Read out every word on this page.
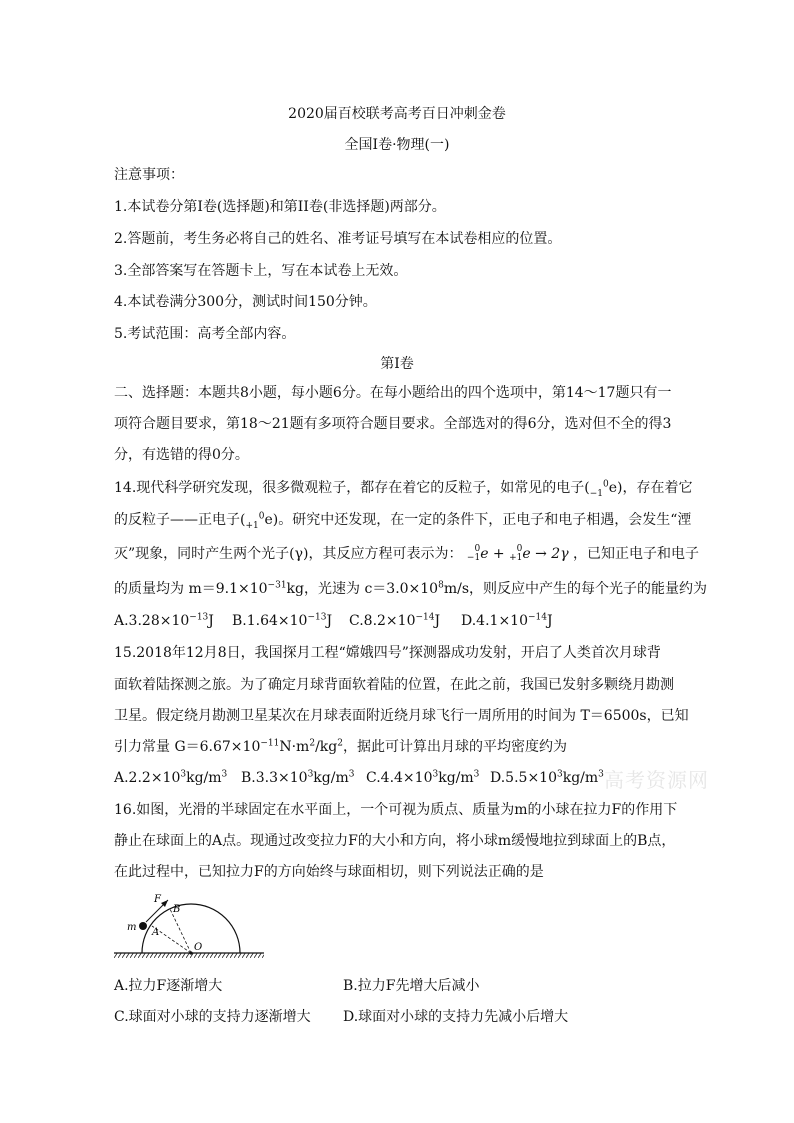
2020届百校联考高考百日冲刺金卷
全国I卷·物理(一)
注意事项：
1.本试卷分第I卷(选择题)和第II卷(非选择题)两部分。
2.答题前，考生务必将自己的姓名、准考证号填写在本试卷相应的位置。
3.全部答案写在答题卡上，写在本试卷上无效。
4.本试卷满分300分，测试时间150分钟。
5.考试范围：高考全部内容。
第I卷
二、选择题：本题共8小题，每小题6分。在每小题给出的四个选项中，第14～17题只有一
项符合题目要求，第18～21题有多项符合题目要求。全部选对的得6分，选对但不全的得3
分，有选错的得0分。
14.现代科学研究发现，很多微观粒子，都存在着它的反粒子，如常见的电子$(_{-1}^0e)$，存在着它
的反粒子——正电子$(_{+1}^0e)$。研究中还发现，在一定的条件下，正电子和电子相遇，会发生“湮
灭”现象，同时产生两个光子(γ)，其反应方程可表示为： 0
−1e + 0
+1e → 2γ ，已知正电子和电子
的质量均为 $m=9.1\times 10^{-31}kg$，光速为 $c=3.0\times 10^8m/s$，则反应中产生的每个光子的能量约为
$A.3.28\times 10^{-13}J$ $B.1.64\times 10^{-13}J$ $C.8.2\times 10^{-14}J$ $D.4.1\times 10^{-14}J$
15.2018年12月8日，我国探月工程“嫦娥四号”探测器成功发射，开启了人类首次月球背
面软着陆探测之旅。为了确定月球背面软着陆的位置，在此之前，我国已发射多颗绕月勘测
卫星。假定绕月勘测卫星某次在月球表面附近绕月球飞行一周所用的时间为 T＝6500s，已知
引力常量 $G=6.67\times 10^{-11}N\cdot m^2/kg^2$，据此可计算出月球的平均密度约为
$A.2.2\times 10^3kg/m^3$ $B.3.3\times 10^3kg/m^3$ $C.4.4\times 10^3kg/m^3$ $D.5.5\times 10^3kg/m^3$ 高考资源网
16.如图，光滑的半球固定在水平面上，一个可视为质点、质量为m的小球在拉力F的作用下
静止在球面上的A点。现通过改变拉力F的大小和方向，将小球m缓慢地拉到球面上的B点，
在此过程中，已知拉力F的方向始终与球面相切，则下列说法正确的是
F
B
A
m
O
A.拉力F逐渐增大	B.拉力F先增大后减小
C.球面对小球的支持力逐渐增大 D.球面对小球的支持力先减小后增大
